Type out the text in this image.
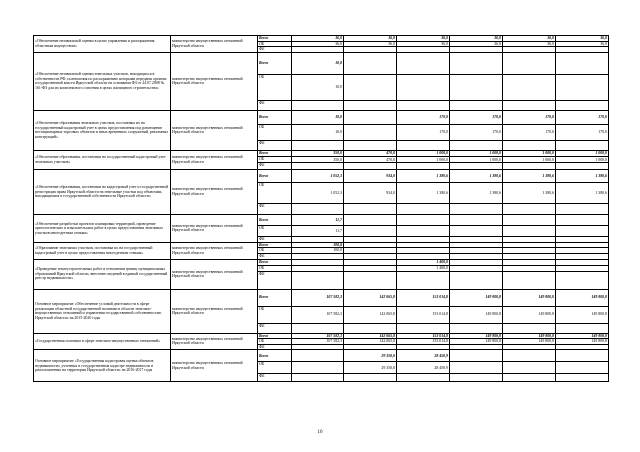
«Обеспечение независимой оценки в целях управления и распоряжения областным имуществом»	министерство имущественных отношений Иркутской области	Всего	36,0	36,0	36,0	36,0	36,0	36,0
		ОБ	36,0	36,0	36,0	36,0	36,0	36,0
		ФБ						
«Обеспечение независимой оценки земельных участков, находящихся в собственности РФ, полномочия по распоряжению которыми переданы органам государственной власти Иркутской области на основании ФЗ от 24.07.2008 № 161-ФЗ для их комплексного освоения в целях жилищного строительства»	министерство имущественных отношений Иркутской области	Всего	10,0					
		ОБ	10,0					
		ФБ						
«Обеспечение образования земельных участков, постановка их на государственный кадастровый учет в целях предоставления под размещение нестационарных торговых объектов и иных временных сооружений, рекламных конструкций»	министерство имущественных отношений Иркутской области	Всего	10,0		170,0	170,0	170,0	170,0
		ОБ	10,0		170,0	170,0	170,0	170,0
		ФБ						
«Обеспечение образования, постановки на государственный кадастровый учет земельных участков»	министерство имущественных отношений Иркутской области	Всего	350,0	470,0	1 000,0	1 000,0	1 000,0	1 000,0
		ОБ	350,0	470,0	1 000,0	1 000,0	1 000,0	1 000,0
		ФБ						
«Обеспечение образования, постановки на кадастровый учет и государственной регистрации права Иркутской области на земельные участки под объектами, находящимися в государственной собственности Иркутской области»	министерство имущественных отношений Иркутской области	Всего	1 052,3	934,0	1 380,6	1 380,6	1 380,6	1 380,6
		ОБ	1 052,3	934,0	1 380,6	1 380,6	1 380,6	1 380,6
		ФБ						
«Обеспечение разработки проектов планировки территорий, проведение археологических и изыскательских работ в целях предоставления земельных участков многодетным семьям»	министерство имущественных отношений Иркутской области	Всего	11,7					
		ОБ	11,7					
		ФБ						
«Образование земельных участков, постановка их на государственный кадастровый учет в целях предоставления многодетным семьям»	министерство имущественных отношений Иркутской области	Всего	100,0					
		ОБ	100,0					
		ФБ						
«Проведение землеустроительных работ в отношении границ муниципальных образований Иркутской области, внесение сведений в единый государственный реестр недвижимости»	министерство имущественных отношений Иркутской области	Всего			1 400,0			
		ОБ			1 400,0			
		ФБ						
Основное мероприятие «Обеспечение условий деятельности в сфере реализации областной государственной политики в области земельно-имущественных отношений и управления государственной собственностью Иркутской области» на 2015-2020 годы	министерство имущественных отношений Иркутской области	Всего	107 582,3	142 065,8	153 014,8	149 800,8	149 800,8	149 800,8
		ОБ	107 582,3	142 065,8	153 014,8	149 800,8	149 800,8	149 800,8
		ФБ						
«Государственная политика в сфере земельно-имущественных отношений»	министерство имущественных отношений Иркутской области	Всего	107 582,3	142 065,8	153 014,8	149 800,8	149 800,8	149 800,8
		ОБ	107 582,3	142 065,8	153 014,8	149 800,8	149 800,8	149 800,8
		ФБ						
Основное мероприятие «Государственная кадастровая оценка объектов недвижимости, учтенных в государственном кадастре недвижимости и расположенных на территории Иркутской области» на 2016-2017 годы	министерство имущественных отношений Иркутской области	Всего		29 350,0	28 450,9			
		ОБ		29 350,0	28 450,9			
		ФБ						
10
